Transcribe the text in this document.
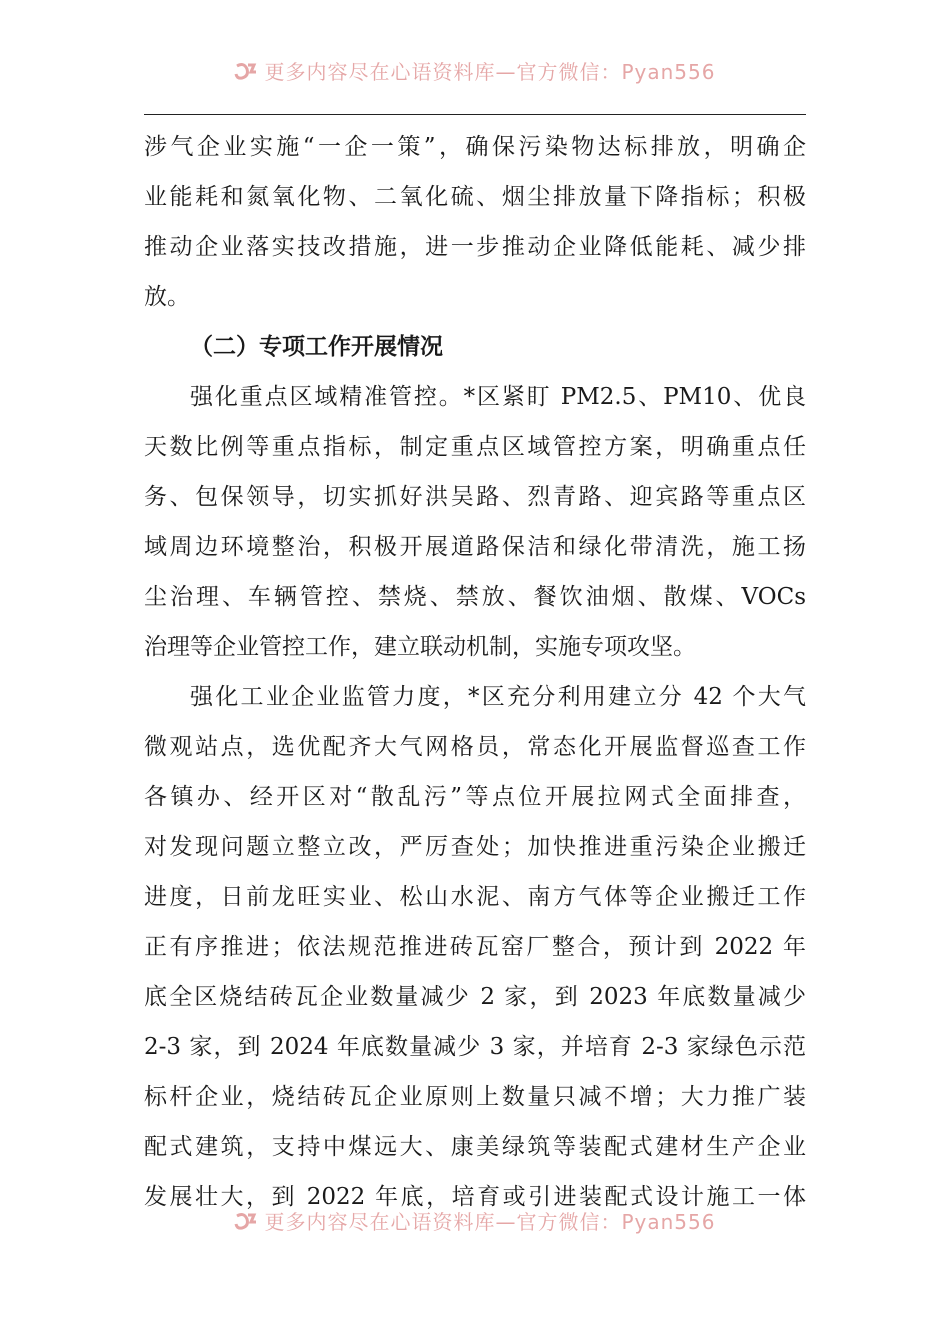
更多内容尽在心语资料库—官方微信：Pyan556
涉气企业实施“一企一策”，确保污染物达标排放，明确企
业能耗和氮氧化物、二氧化硫、烟尘排放量下降指标；积极
推动企业落实技改措施，进一步推动企业降低能耗、减少排
放。
（二）专项工作开展情况
强化重点区域精准管控。*区紧盯 PM2.5、PM10、优良
天数比例等重点指标，制定重点区域管控方案，明确重点任
务、包保领导，切实抓好洪吴路、烈青路、迎宾路等重点区
域周边环境整治，积极开展道路保洁和绿化带清洗，施工扬
尘治理、车辆管控、禁烧、禁放、餐饮油烟、散煤、VOCs
治理等企业管控工作，建立联动机制，实施专项攻坚。
强化工业企业监管力度，*区充分利用建立分 42 个大气
微观站点，选优配齐大气网格员，常态化开展监督巡查工作
各镇办、经开区对“散乱污”等点位开展拉网式全面排查，
对发现问题立整立改，严厉查处；加快推进重污染企业搬迁
进度，日前龙旺实业、松山水泥、南方气体等企业搬迁工作
正有序推进；依法规范推进砖瓦窑厂整合，预计到 2022 年
底全区烧结砖瓦企业数量减少 2 家，到 2023 年底数量减少
2-3 家，到 2024 年底数量减少 3 家，并培育 2-3 家绿色示范
标杆企业，烧结砖瓦企业原则上数量只减不增；大力推广装
配式建筑，支持中煤远大、康美绿筑等装配式建材生产企业
发展壮大，到 2022 年底，培育或引进装配式设计施工一体
更多内容尽在心语资料库—官方微信：Pyan556
